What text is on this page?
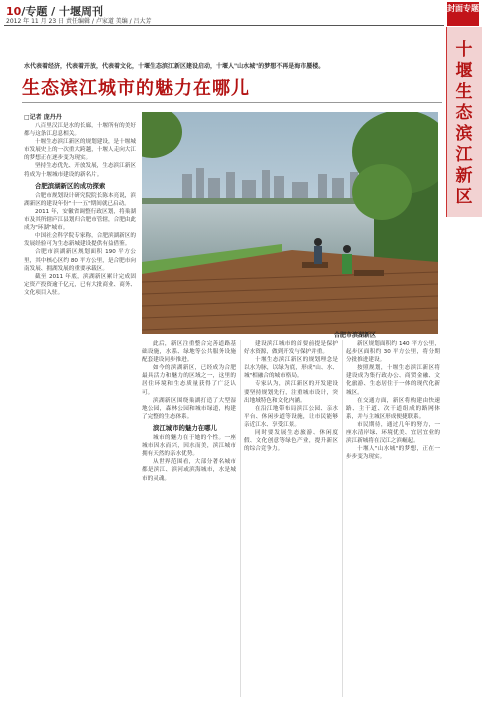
10/专题 / 十堰周刊
2012 年 11 月 23 日 责任编辑 / 卢家道 美编 / 吕大芳
封面专题
十堰生态滨江新区
水代表着经济，代表着开放，代表着文化，十堰生态滨江新区建设启动，十堰人"山水城"的梦想不再是海市蜃楼。
生态滨江城市的魅力在哪儿
□记者 庞丹丹
合肥市滨湖新区

八百里汉江是水的长廊，十堰所有的美好都与这条江息息相关。

十堰生态滨江新区的规划建设，是十堰城市发展史上的一次重大跨越，十堰人走向大江的梦想正在逐步变为现实。

坚持生态优先、开放发展，生态滨江新区将成为十堰城市建设的新名片。

合肥滨湖新区的成功探索

合肥市规划设计研究院院长陈本亮说，滨湖新区的建设年份"十一五"期间就已启动。

2011 年，安徽省调整行政区划，将巢湖市及其所辖庐江县划归合肥市管辖，合肥由此成为"环湖"城市。

中国社会科学院专家称，合肥滨湖新区的发展经验可为生态新城建设提供有益借鉴。

合肥市滨湖新区规划面积 190 平方公里，其中核心区约 80 平方公里，是合肥市向南发展、拥湖发展的重要承载区。

截至 2011 年底，滨湖新区累计完成固定资产投资逾千亿元，已有大批商业、商务、文化项目入驻。

此后，新区注重整合完善道路基础设施，水系、绿地等公共服务设施配套建设同步推进。

如今的滨湖新区，已经成为合肥最具活力和魅力的区域之一，这里的居住环境和生态质量获得了广泛认可。

滨湖新区围绕巢湖打造了大型湿地公园，森林公园和城市绿道，构建了完整的生态体系。

滨江城市的魅力在哪儿

城市的魅力在于她的个性。一座城市因水而兴，因水而美，滨江城市拥有天然的亲水优势。

从世界范围看，大部分著名城市都是滨江、滨河或滨海城市，水是城市的灵魂。

建设滨江城市的首要前提是保护好水资源，做到开发与保护并重。

十堰生态滨江新区的规划理念是以水为脉，以绿为底，形成"山、水、城"相融合的城市格局。

专家认为，滨江新区的开发建设要坚持规划先行，注重城市设计，突出地域特色和文化内涵。

在沿江地带布局滨江公园、亲水平台、休闲步道等设施，让市民能够亲近江水、享受江景。

同时要发展生态旅游、休闲度假、文化创意等绿色产业，提升新区的综合竞争力。

新区规划面积约 140 平方公里，起步区面积约 30 平方公里，将分期分批推进建设。

按照规划，十堰生态滨江新区将建设成为集行政办公、商贸金融、文化旅游、生态居住于一体的现代化新城区。

在交通方面，新区将构建由快速路、主干道、次干道组成的路网体系，并与主城区形成便捷联系。

市民期待，通过几年的努力，一座水清岸绿、环境优美、宜居宜业的滨江新城将在汉江之滨崛起。

十堰人"山水城"的梦想，正在一步步变为现实。
